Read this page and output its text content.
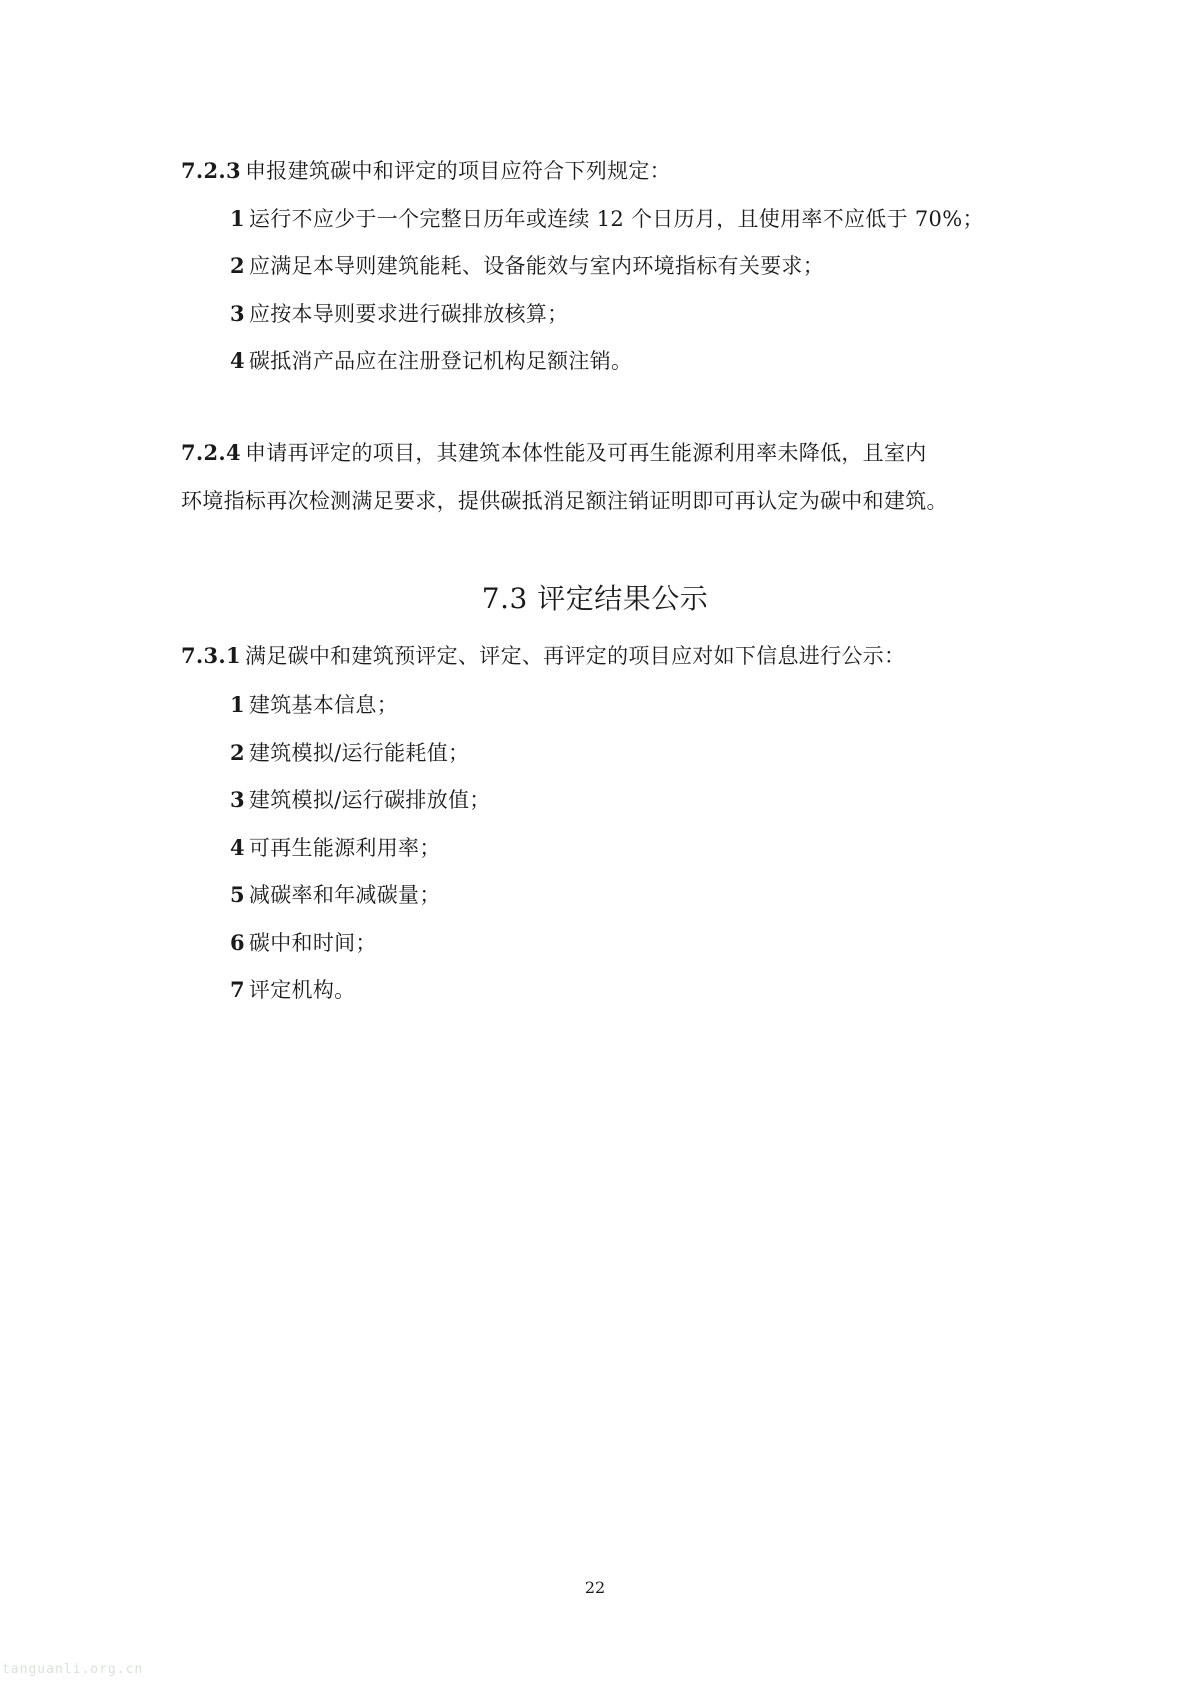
7.2.3 申报建筑碳中和评定的项目应符合下列规定：
1 运行不应少于一个完整日历年或连续 12 个日历月，且使用率不应低于 70%；
2 应满足本导则建筑能耗、设备能效与室内环境指标有关要求；
3 应按本导则要求进行碳排放核算；
4 碳抵消产品应在注册登记机构足额注销。
7.2.4 申请再评定的项目，其建筑本体性能及可再生能源利用率未降低，且室内
环境指标再次检测满足要求，提供碳抵消足额注销证明即可再认定为碳中和建筑。
7.3 评定结果公示
7.3.1 满足碳中和建筑预评定、评定、再评定的项目应对如下信息进行公示：
1 建筑基本信息；
2 建筑模拟/运行能耗值；
3 建筑模拟/运行碳排放值；
4 可再生能源利用率；
5 减碳率和年减碳量；
6 碳中和时间；
7 评定机构。
22
tanguanli.org.cn
